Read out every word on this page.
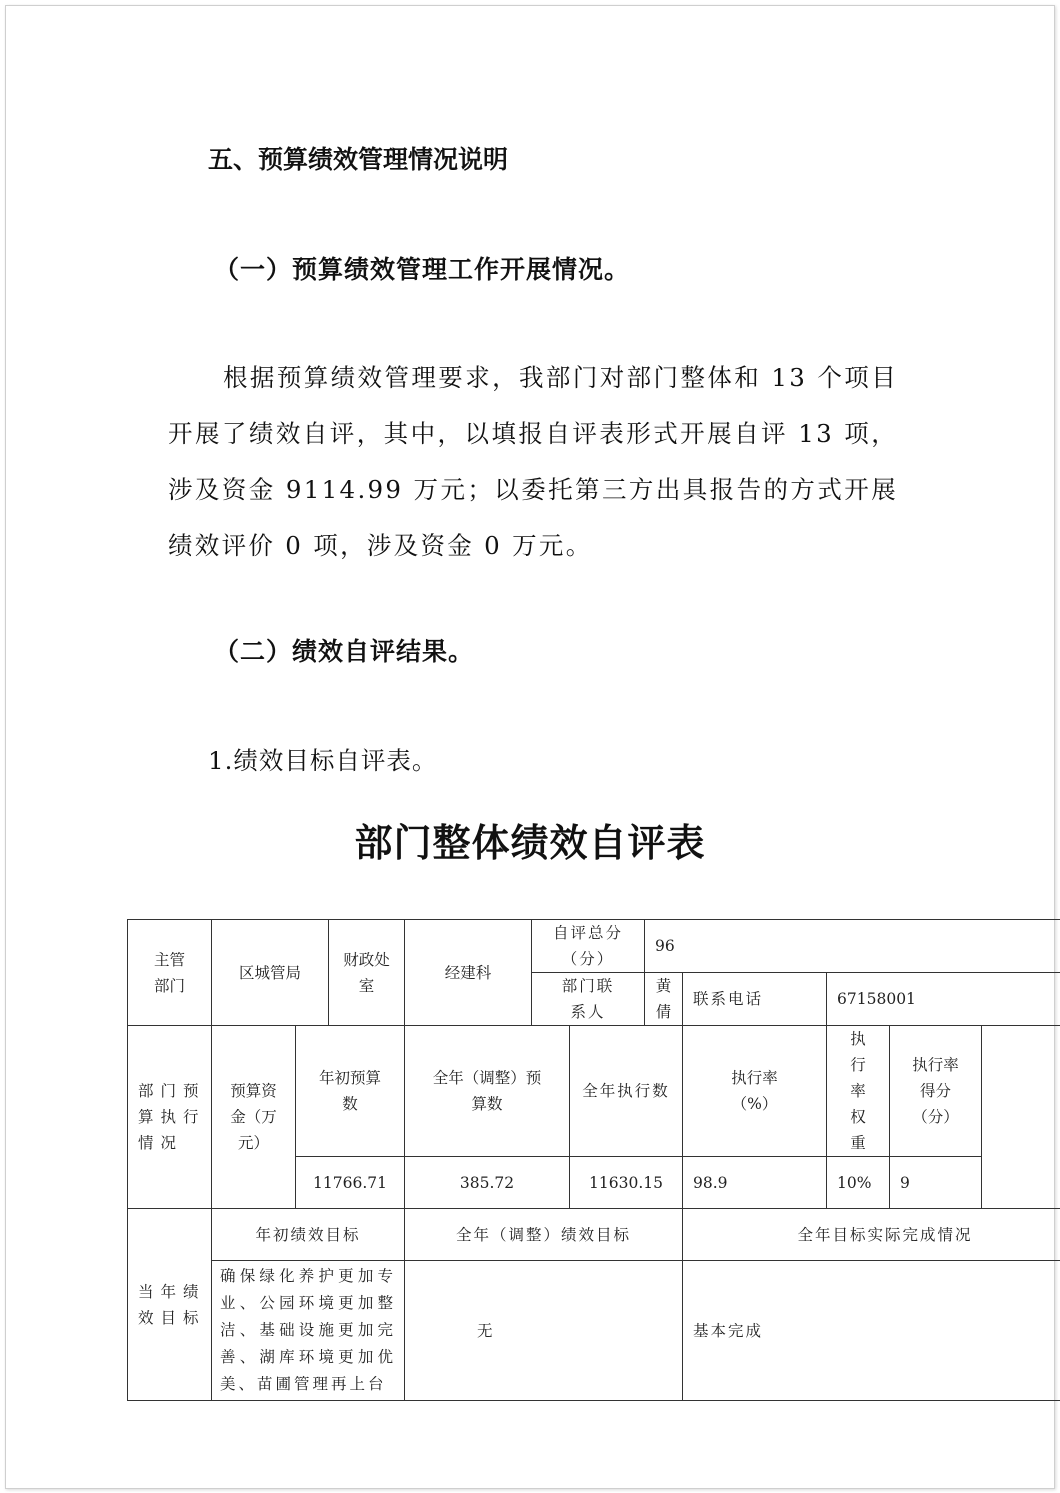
五、预算绩效管理情况说明
（一）预算绩效管理工作开展情况。

根据预算绩效管理要求，我部门对部门整体和 13 个项目开展了绩效自评，其中，以填报自评表形式开展自评 13 项，涉及资金 9114.99 万元；以委托第三方出具报告的方式开展绩效评价 0 项，涉及资金 0 万元。

（二）绩效自评结果。
1.绩效目标自评表。
部门整体绩效自评表
主管部门	区城管局		财政处室	经建科	自评总分（分）		96			
					部门联系人		黄倩	联系电话	67158001	
部门预算执行情况	预算资金（万元）	年初预算数		全年（调整）预算数		全年执行数		执行率（%）	执行率权重	执行率得分（分）
		11766.71		385.72		11630.15		98.9	10%	9
当年绩效目标	年初绩效目标			全年（调整）绩效目标				全年目标实际完成情况		
	确保绿化养护更加专业、公园环境更加整洁、基础设施更加完善、湖库环境更加优美、苗圃管理再上台			无				基本完成		
